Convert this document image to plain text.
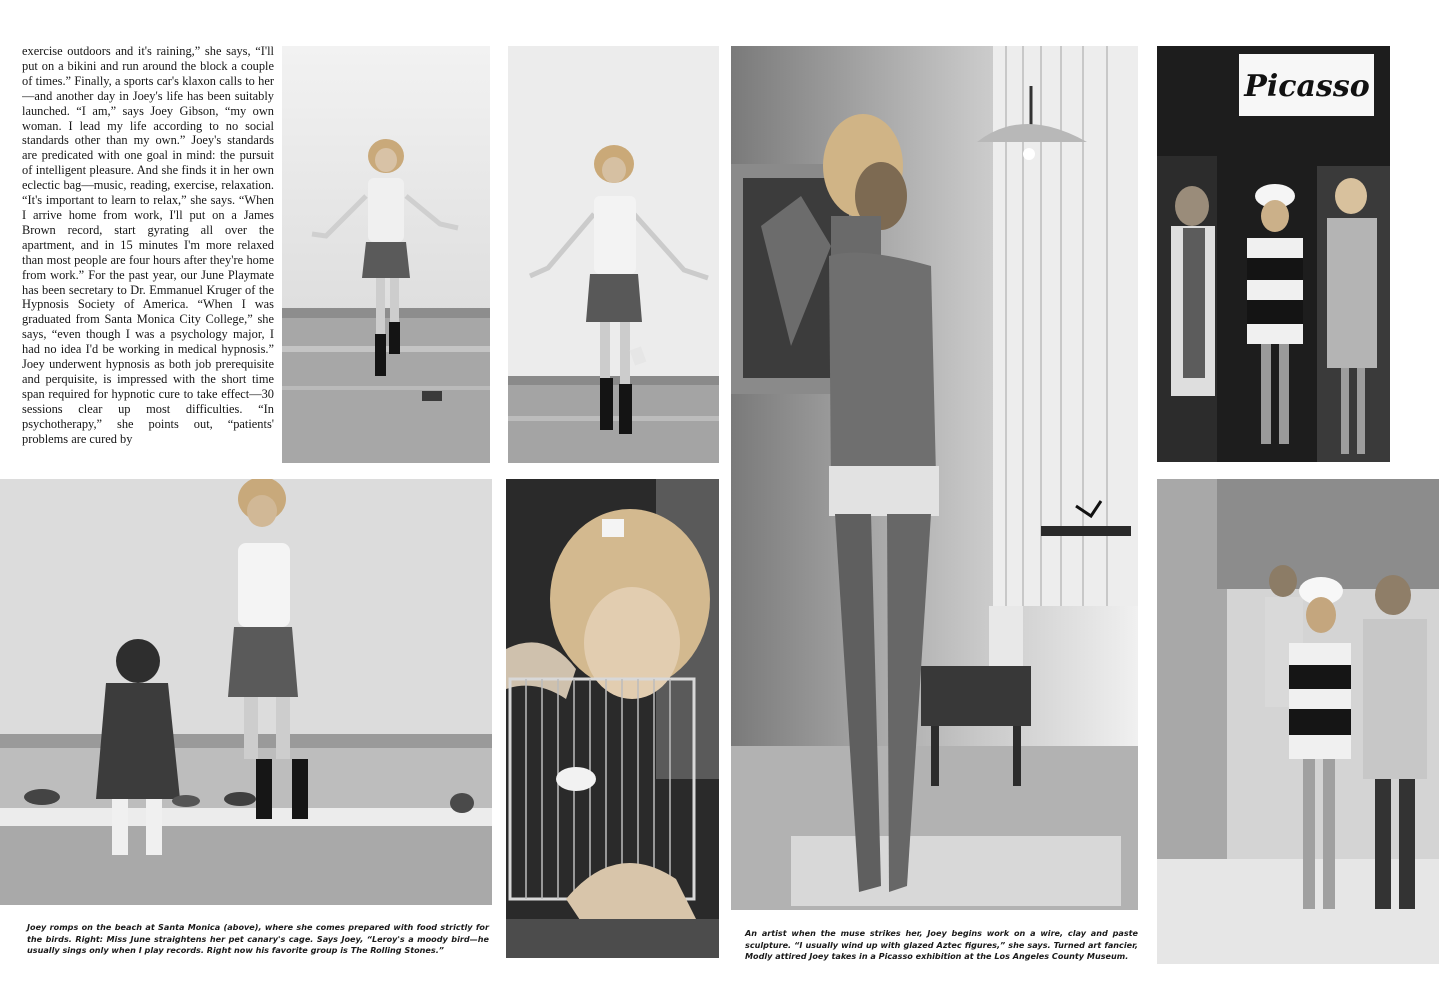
exercise outdoors and it's raining,” she says, “I'll put on a bikini and run around the block a couple of times.” Finally, a sports car's klaxon calls to her—and another day in Joey's life has been suitably launched. “I am,” says Joey Gibson, “my own woman. I lead my life according to no social standards other than my own.” Joey's standards are predicated with one goal in mind: the pursuit of intelligent pleasure. And she finds it in her own eclectic bag—music, reading, exercise, relaxation. “It's important to learn to relax,” she says. “When I arrive home from work, I'll put on a James Brown record, start gyrating all over the apartment, and in 15 minutes I'm more relaxed than most people are four hours after they're home from work.” For the past year, our June Playmate has been secretary to Dr. Emmanuel Kruger of the Hypnosis Society of America. “When I was graduated from Santa Monica City College,” she says, “even though I was a psychology major, I had no idea I'd be working in medical hypnosis.” Joey underwent hypnosis as both job prerequisite and perquisite, is impressed with the short time span required for hypnotic cure to take effect—30 sessions clear up most difficulties. “In psychotherapy,” she points out, “patients' problems are cured by
Picasso
Joey romps on the beach at Santa Monica (above), where she comes prepared with food strictly for the birds. Right: Miss June straightens her pet canary's cage. Says Joey, “Leroy's a moody bird—he usually sings only when I play records. Right now his favorite group is The Rolling Stones.”
An artist when the muse strikes her, Joey begins work on a wire, clay and paste sculpture. “I usually wind up with glazed Aztec figures,” she says. Turned art fancier, Modly attired Joey takes in a Picasso exhibition at the Los Angeles County Museum.
